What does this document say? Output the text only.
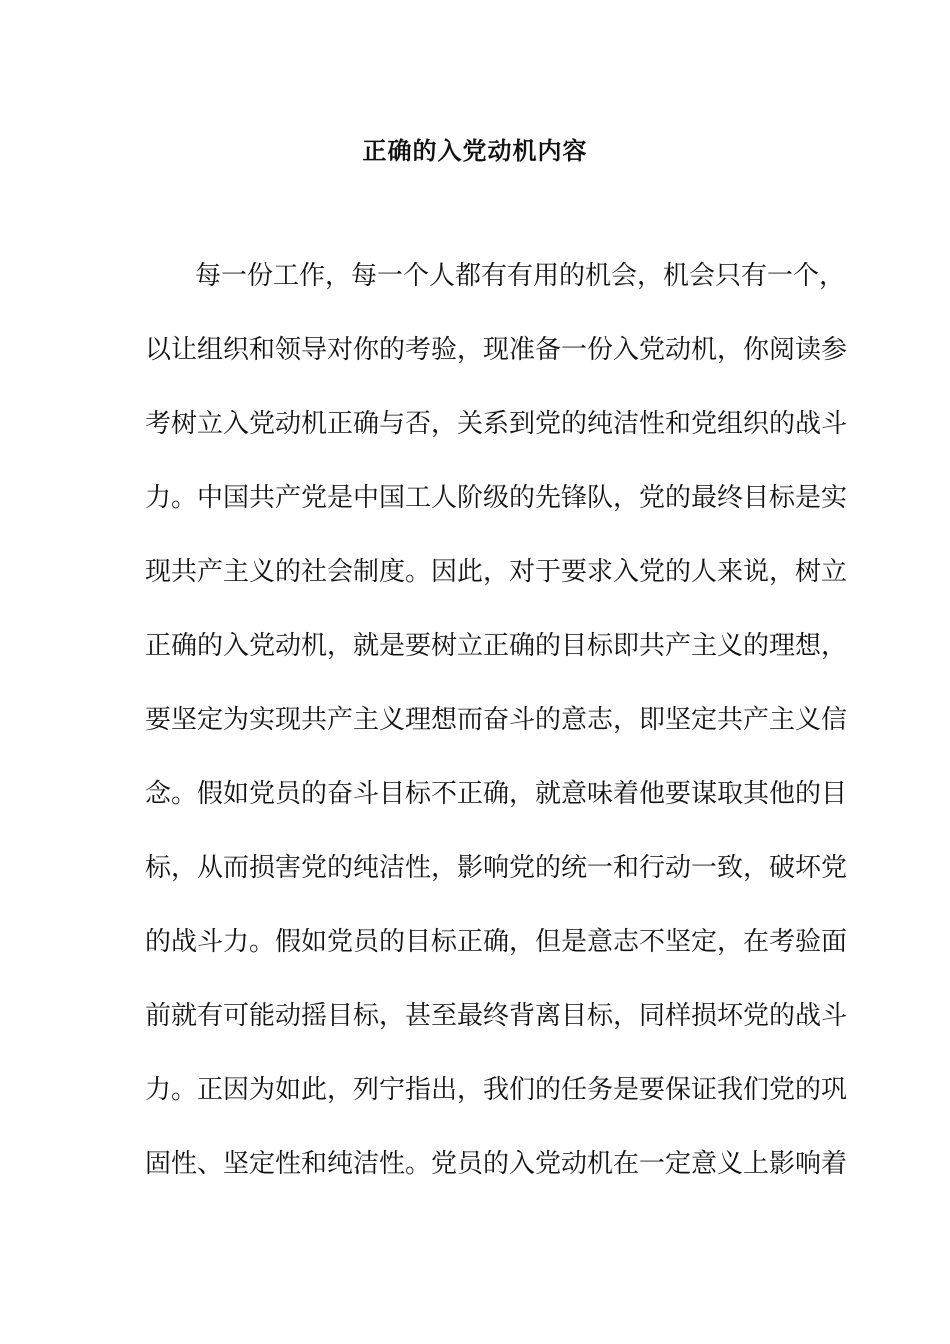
正确的入党动机内容
每一份工作，每一个人都有有用的机会，机会只有一个，
以让组织和领导对你的考验，现准备一份入党动机，你阅读参
考树立入党动机正确与否，关系到党的纯洁性和党组织的战斗
力。中国共产党是中国工人阶级的先锋队，党的最终目标是实
现共产主义的社会制度。因此，对于要求入党的人来说，树立
正确的入党动机，就是要树立正确的目标即共产主义的理想，
要坚定为实现共产主义理想而奋斗的意志，即坚定共产主义信
念。假如党员的奋斗目标不正确，就意味着他要谋取其他的目
标，从而损害党的纯洁性，影响党的统一和行动一致，破坏党
的战斗力。假如党员的目标正确，但是意志不坚定，在考验面
前就有可能动摇目标，甚至最终背离目标，同样损坏党的战斗
力。正因为如此，列宁指出，我们的任务是要保证我们党的巩
固性、坚定性和纯洁性。党员的入党动机在一定意义上影响着
